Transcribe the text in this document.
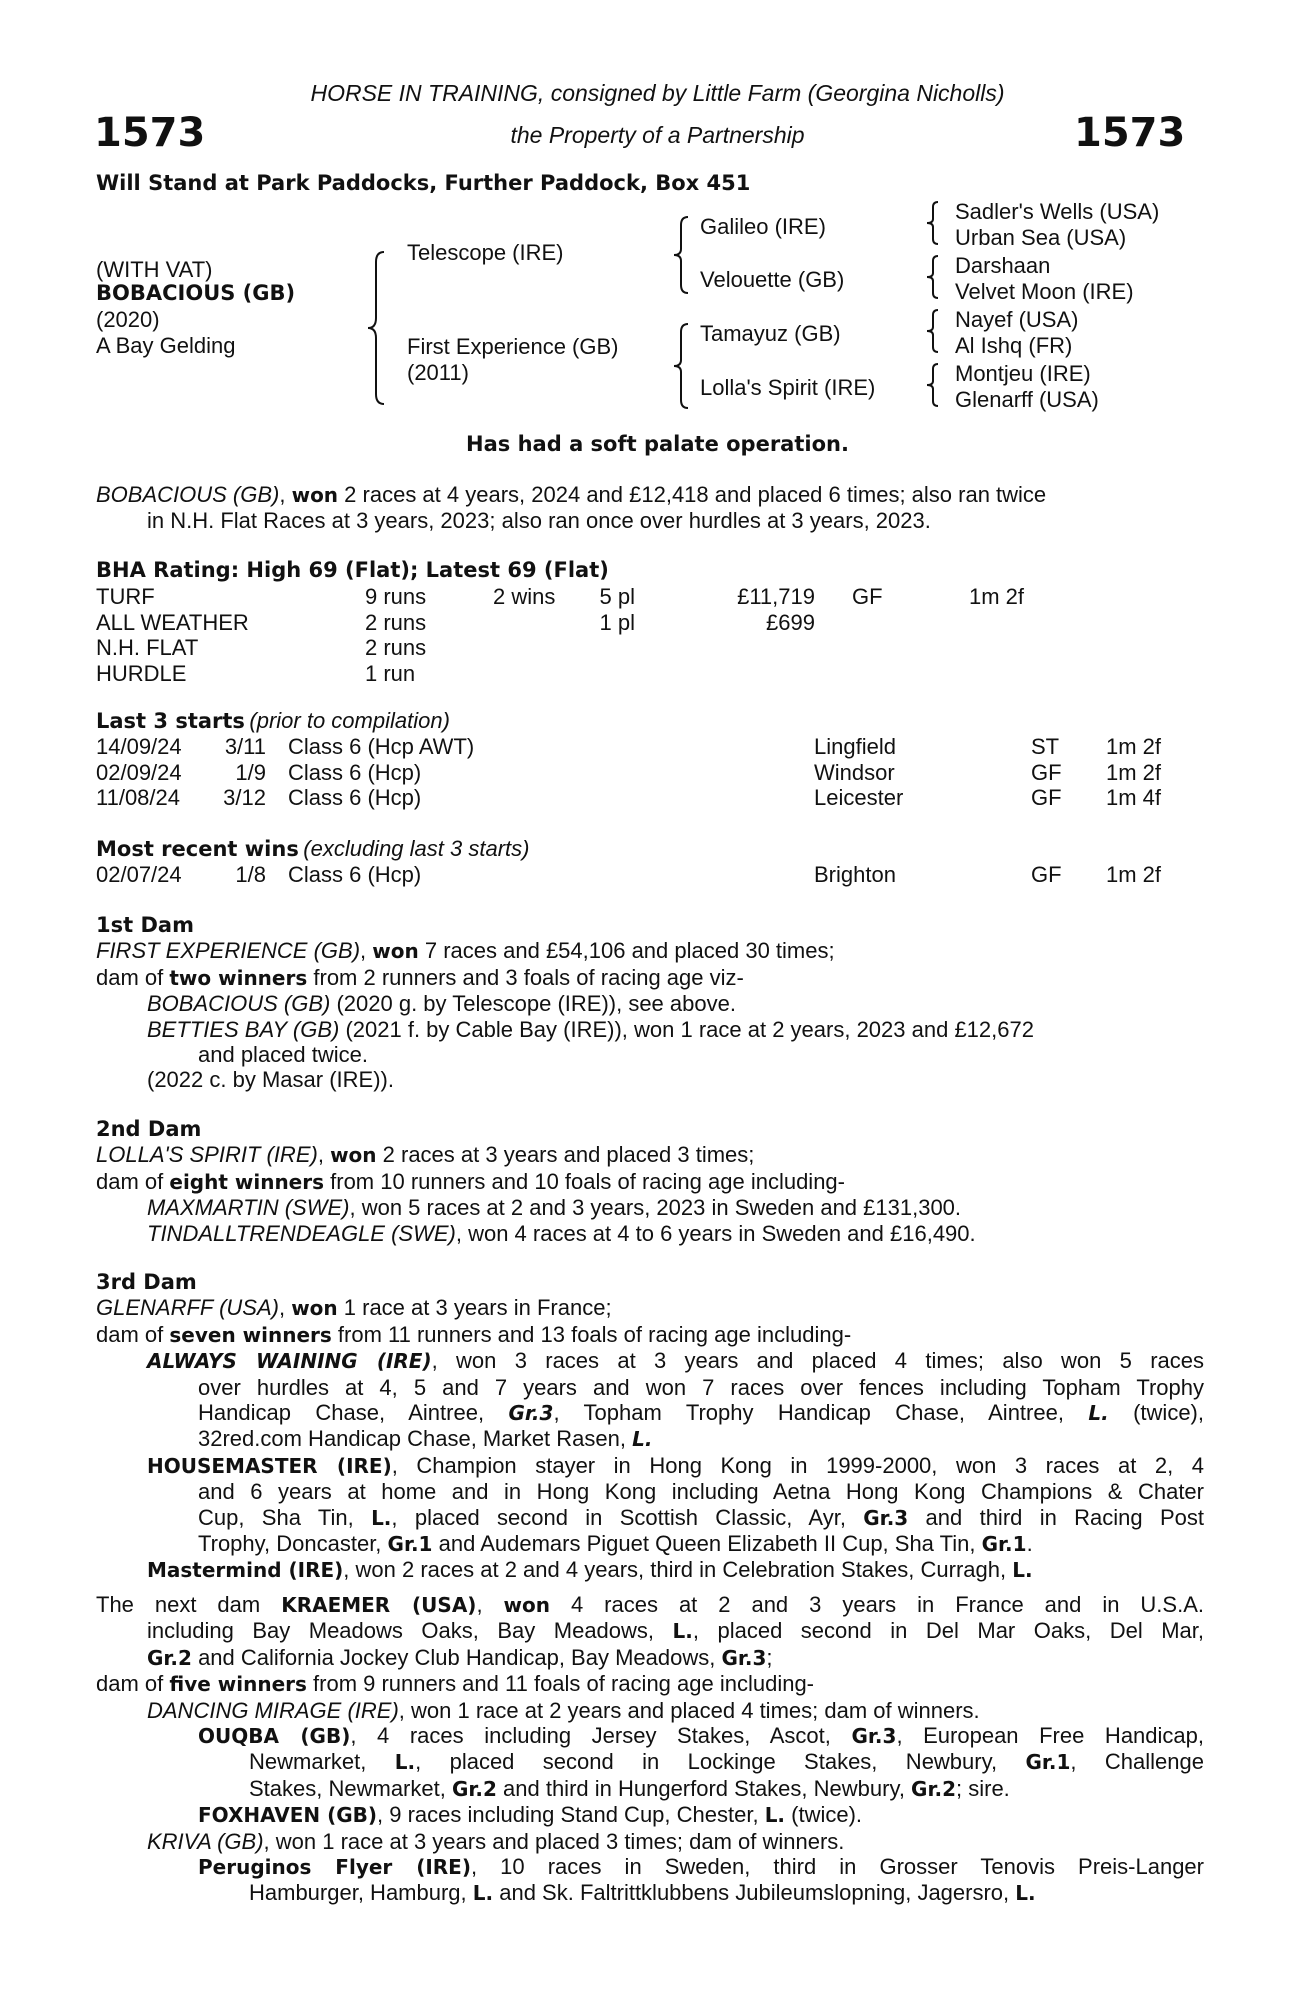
HORSE IN TRAINING, consigned by Little Farm (Georgina Nicholls)
1573	the Property of a Partnership	1573
Will Stand at Park Paddocks, Further Paddock, Box 451
(WITH VAT)
BOBACIOUS (GB)
(2020)
A Bay Gelding
Telescope (IRE)
First Experience (GB)
(2011)
Galileo (IRE)
Velouette (GB)
Tamayuz (GB)
Lolla's Spirit (IRE)
Sadler's Wells (USA)
Urban Sea (USA)
Darshaan
Velvet Moon (IRE)
Nayef (USA)
Al Ishq (FR)
Montjeu (IRE)
Glenarff (USA)
Has had a soft palate operation.
BOBACIOUS (GB), won 2 races at 4 years, 2024 and £12,418 and placed 6 times; also ran twice
in N.H. Flat Races at 3 years, 2023; also ran once over hurdles at 3 years, 2023.
BHA Rating: High 69 (Flat); Latest 69 (Flat)
TURF	9 runs	2 wins	5 pl	£11,719 GF	1m 2f
ALL WEATHER	2 runs	1 pl	£699
N.H. FLAT	2 runs
HURDLE	1 run
Last 3 starts (prior to compilation)
14/09/24	3/11 Class 6 (Hcp AWT)	Lingfield	ST 1m 2f
02/09/24	1/9 Class 6 (Hcp)	Windsor	GF 1m 2f
11/08/24	3/12 Class 6 (Hcp)	Leicester	GF 1m 4f
Most recent wins (excluding last 3 starts)
02/07/24	1/8 Class 6 (Hcp)	Brighton	GF 1m 2f
1st Dam
FIRST EXPERIENCE (GB), won 7 races and £54,106 and placed 30 times;
dam of two winners from 2 runners and 3 foals of racing age viz-
BOBACIOUS (GB) (2020 g. by Telescope (IRE)), see above.
BETTIES BAY (GB) (2021 f. by Cable Bay (IRE)), won 1 race at 2 years, 2023 and £12,672
and placed twice.
(2022 c. by Masar (IRE)).
2nd Dam
LOLLA'S SPIRIT (IRE), won 2 races at 3 years and placed 3 times;
dam of eight winners from 10 runners and 10 foals of racing age including-
MAXMARTIN (SWE), won 5 races at 2 and 3 years, 2023 in Sweden and £131,300.
TINDALLTRENDEAGLE (SWE), won 4 races at 4 to 6 years in Sweden and £16,490.
3rd Dam
GLENARFF (USA), won 1 race at 3 years in France;
dam of seven winners from 11 runners and 13 foals of racing age including-
ALWAYS WAINING (IRE), won 3 races at 3 years and placed 4 times; also won 5 races
over hurdles at 4, 5 and 7 years and won 7 races over fences including Topham Trophy
Handicap Chase, Aintree, Gr.3, Topham Trophy Handicap Chase, Aintree, L. (twice),
32red.com Handicap Chase, Market Rasen, L.
HOUSEMASTER (IRE), Champion stayer in Hong Kong in 1999-2000, won 3 races at 2, 4
and 6 years at home and in Hong Kong including Aetna Hong Kong Champions & Chater
Cup, Sha Tin, L., placed second in Scottish Classic, Ayr, Gr.3 and third in Racing Post
Trophy, Doncaster, Gr.1 and Audemars Piguet Queen Elizabeth II Cup, Sha Tin, Gr.1.
Mastermind (IRE), won 2 races at 2 and 4 years, third in Celebration Stakes, Curragh, L.
The next dam KRAEMER (USA), won 4 races at 2 and 3 years in France and in U.S.A.
including Bay Meadows Oaks, Bay Meadows, L., placed second in Del Mar Oaks, Del Mar,
Gr.2 and California Jockey Club Handicap, Bay Meadows, Gr.3;
dam of five winners from 9 runners and 11 foals of racing age including-
DANCING MIRAGE (IRE), won 1 race at 2 years and placed 4 times; dam of winners.
OUQBA (GB), 4 races including Jersey Stakes, Ascot, Gr.3, European Free Handicap,
Newmarket, L., placed second in Lockinge Stakes, Newbury, Gr.1, Challenge
Stakes, Newmarket, Gr.2 and third in Hungerford Stakes, Newbury, Gr.2; sire.
FOXHAVEN (GB), 9 races including Stand Cup, Chester, L. (twice).
KRIVA (GB), won 1 race at 3 years and placed 3 times; dam of winners.
Peruginos Flyer (IRE), 10 races in Sweden, third in Grosser Tenovis Preis-Langer
Hamburger, Hamburg, L. and Sk. Faltrittklubbens Jubileumslopning, Jagersro, L.
